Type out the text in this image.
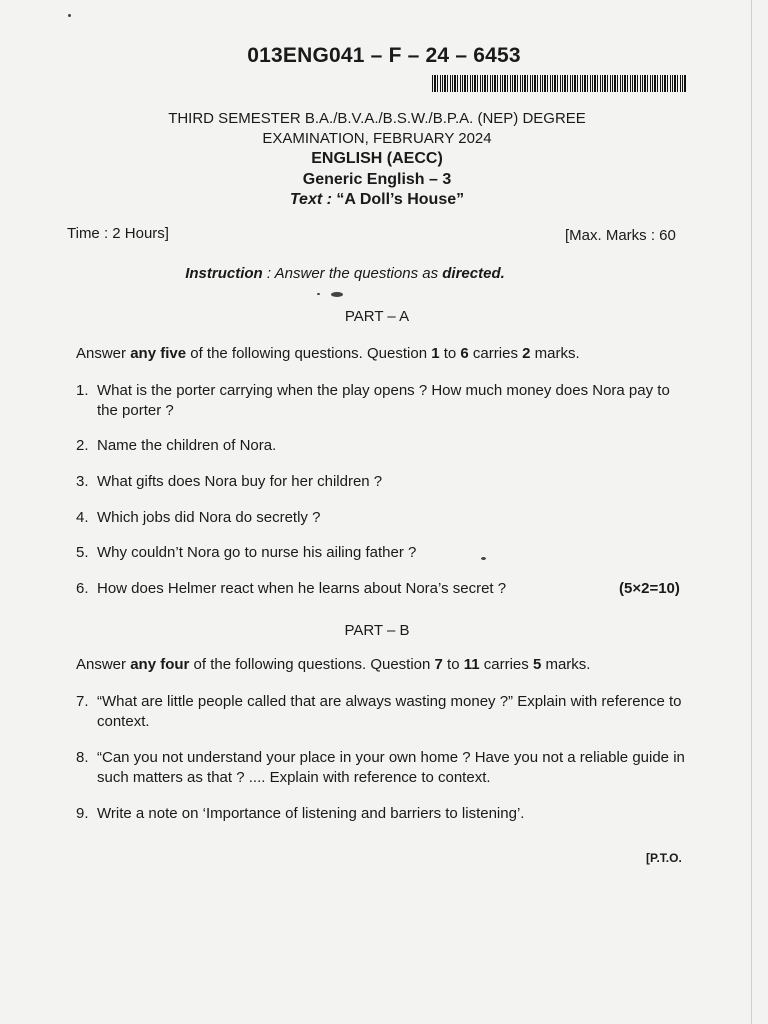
013ENG041 – F – 24 – 6453
THIRD SEMESTER B.A./B.V.A./B.S.W./B.P.A. (NEP) DEGREE
EXAMINATION, FEBRUARY 2024
ENGLISH (AECC)
Generic English – 3
Text : “A Doll’s House”
Time : 2 Hours]	[Max. Marks : 60
Instruction : Answer the questions as directed.
PART – A
Answer any five of the following questions. Question 1 to 6 carries 2 marks.
1. What is the porter carrying when the play opens ? How much money does Nora pay to the porter ?
2. Name the children of Nora.
3. What gifts does Nora buy for her children ?
4. Which jobs did Nora do secretly ?
5. Why couldn’t Nora go to nurse his ailing father ?
6. How does Helmer react when he learns about Nora’s secret ?	(5×2=10)
PART – B
Answer any four of the following questions. Question 7 to 11 carries 5 marks.
7. “What are little people called that are always wasting money ?” Explain with reference to context.
8. “Can you not understand your place in your own home ? Have you not a reliable guide in such matters as that ? .... Explain with reference to context.
9. Write a note on ‘Importance of listening and barriers to listening’.
[P.T.O.
